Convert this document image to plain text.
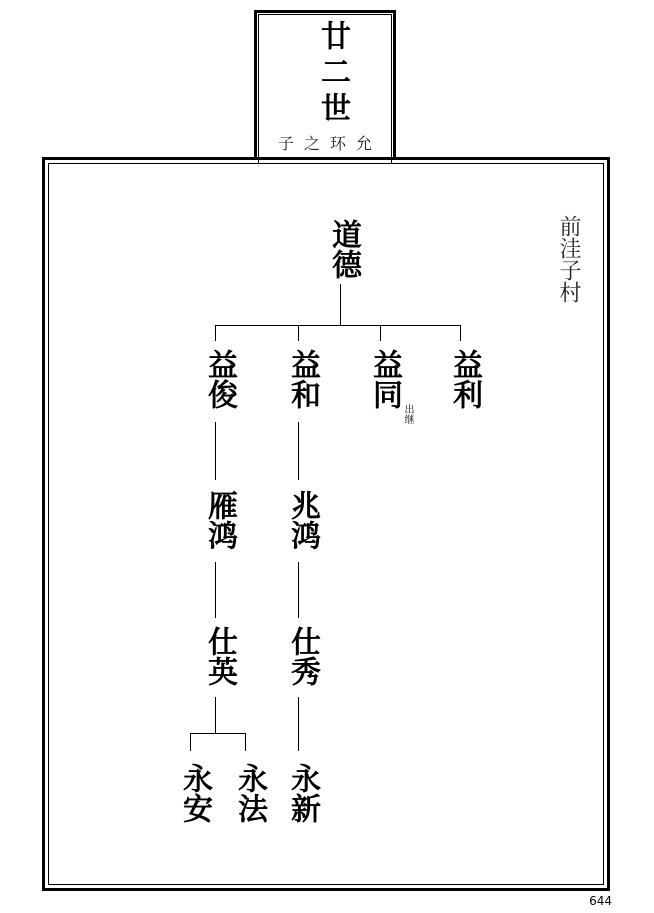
廿二世
子之环允
前洼子村
道德
益俊 益和 益同 益利
出继
雁鸿 兆鸿
仕英 仕秀
永安 永法 永新
644
